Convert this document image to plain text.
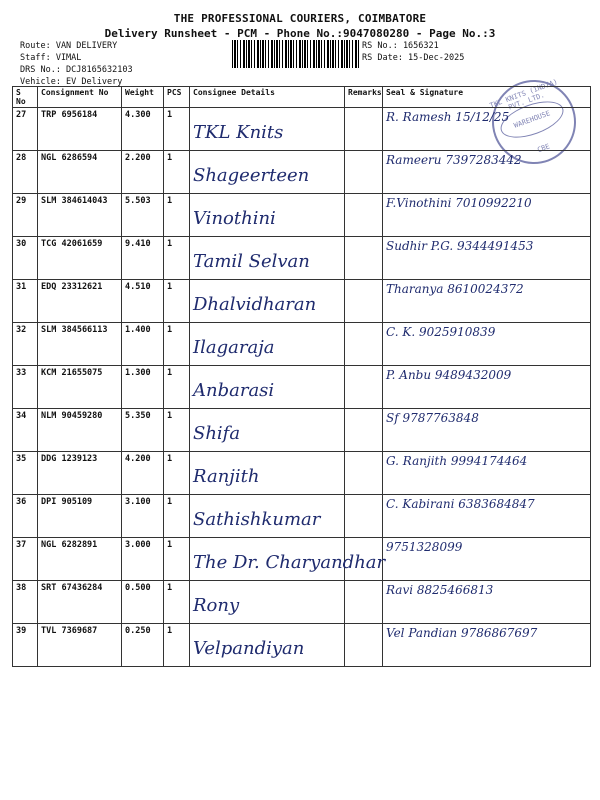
THE PROFESSIONAL COURIERS, COIMBATORE
Delivery Runsheet - PCM - Phone No.:9047080280 - Page No.:3
Route: VAN DELIVERY
Staff: VIMAL
DRS No.: DCJ8165632103
Vehicle: EV Delivery
RS No.: 1656321
RS Date: 15-Dec-2025
TKL KNITS (INDIA) PVT. LTD.
WAREHOUSE
CBE
S No	Consignment No	Weight	PCS	Consignee Details	Remarks	Seal & Signature
27	TRP 6956184	4.300	1	TKL Knits		R. Ramesh 15/12/25

28	NGL 6286594	2.200	1	Shageerteen		Rameeru 7397283442

29	SLM 384614043	5.503	1	Vinothini		F.Vinothini 7010992210

30	TCG 42061659	9.410	1	Tamil Selvan		Sudhir P.G. 9344491453

31	EDQ 23312621	4.510	1	Dhalvidharan		Tharanya 8610024372

32	SLM 384566113	1.400	1	Ilagaraja		C. K. 9025910839

33	KCM 21655075	1.300	1	Anbarasi		P. Anbu 9489432009

34	NLM 90459280	5.350	1	Shifa		Sf 9787763848

35	DDG 1239123	4.200	1	Ranjith		G. Ranjith 9994174464

36	DPI 905109	3.100	1	Sathishkumar		C. Kabirani 6383684847

37	NGL 6282891	3.000	1	The Dr. Charyandhar		9751328099

38	SRT 67436284	0.500	1	Rony		Ravi 8825466813

39	TVL 7369687	0.250	1	Velpandiyan		Vel Pandian 9786867697
